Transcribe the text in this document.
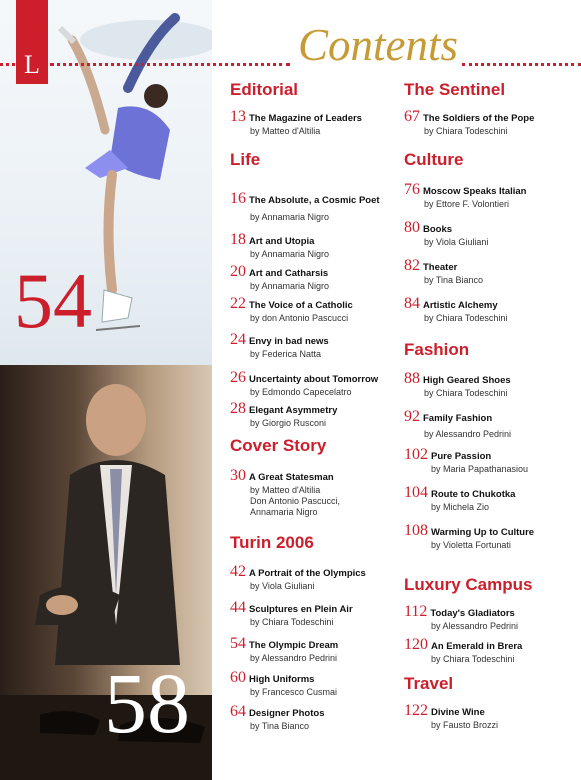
L	Contents
54
58
Editorial
13 The Magazine of Leaders
by Matteo d'Altilia
Life
16 The Absolute, a Cosmic Poet
by Annamaria Nigro
18 Art and Utopia
by Annamaria Nigro
20 Art and Catharsis
by Annamaria Nigro
22 The Voice of a Catholic
by don Antonio Pascucci
24 Envy in bad news
by Federica Natta
26 Uncertainty about Tomorrow
by Edmondo Capecelatro
28 Elegant Asymmetry
by Giorgio Rusconi
Cover Story
30 A Great Statesman
by Matteo d'Altilia
Don Antonio Pascucci,
Annamaria Nigro
Turin 2006
42 A Portrait of the Olympics
by Viola Giuliani
44 Sculptures en Plein Air
by Chiara Todeschini
54 The Olympic Dream
by Alessandro Pedrini
60 High Uniforms
by Francesco Cusmai
64 Designer Photos
by Tina Bianco
The Sentinel
67 The Soldiers of the Pope
by Chiara Todeschini
Culture
76 Moscow Speaks Italian
by Ettore F. Volontieri
80 Books
by Viola Giuliani
82 Theater
by Tina Bianco
84 Artistic Alchemy
by Chiara Todeschini
Fashion
88 High Geared Shoes
by Chiara Todeschini
92 Family Fashion
by Alessandro Pedrini
102 Pure Passion
by Maria Papathanasiou
104 Route to Chukotka
by Michela Zio
108 Warming Up to Culture
by Violetta Fortunati
Luxury Campus
112 Today's Gladiators
by Alessandro Pedrini
120 An Emerald in Brera
by Chiara Todeschini
Travel
122 Divine Wine
by Fausto Brozzi
